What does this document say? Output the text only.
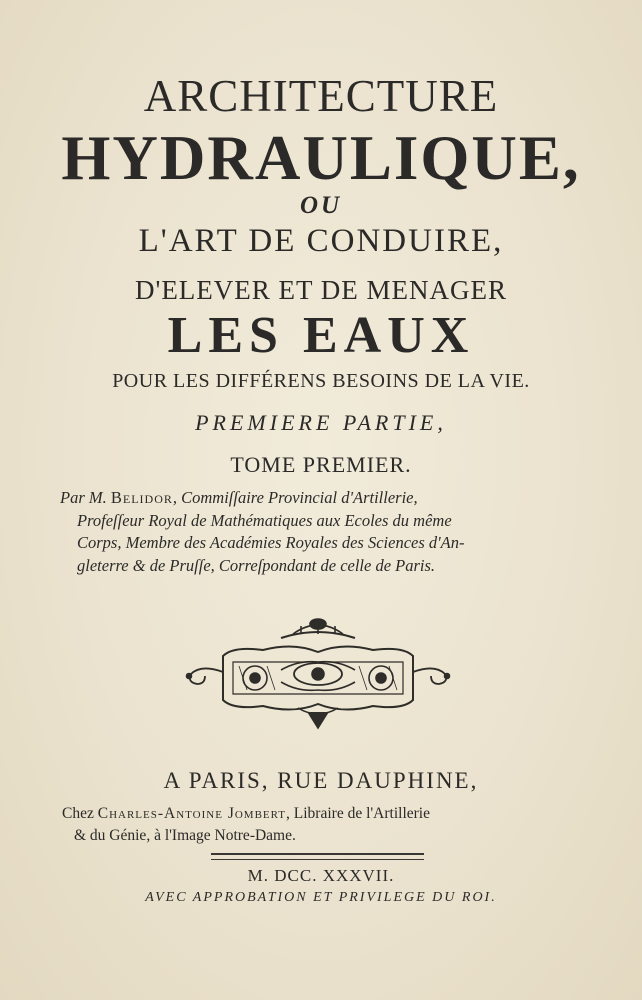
ARCHITECTURE
HYDRAULIQUE,
OU
L'ART DE CONDUIRE,
D'ELEVER ET DE MENAGER
LES EAUX
POUR LES DIFFÉRENS BESOINS DE LA VIE.
PREMIERE PARTIE,
TOME PREMIER.
Par M. Belidor, Commiſſaire Provincial d'Artillerie,
Profeſſeur Royal de Mathématiques aux Ecoles du même
Corps, Membre des Académies Royales des Sciences d'An-
gleterre & de Pruſſe, Correſpondant de celle de Paris.
A PARIS, RUE DAUPHINE,
Chez Charles-Antoine Jombert, Libraire de l'Artillerie
& du Génie, à l'Image Notre-Dame.
M. DCC. XXXVII.
AVEC APPROBATION ET PRIVILEGE DU ROI.
